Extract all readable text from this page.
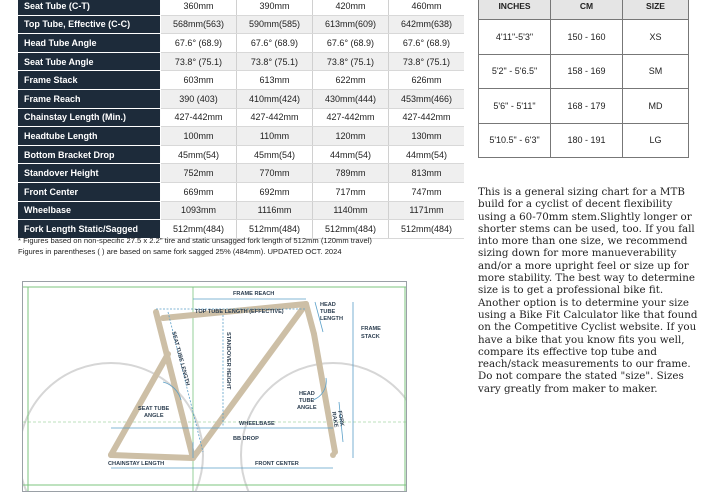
Seat Tube (C-T)	360mm	390mm	420mm	460mm
Top Tube, Effective (C-C)	568mm(563)	590mm(585)	613mm(609)	642mm(638)
Head Tube Angle	67.6° (68.9)	67.6° (68.9)	67.6° (68.9)	67.6° (68.9)
Seat Tube Angle	73.8° (75.1)	73.8° (75.1)	73.8° (75.1)	73.8° (75.1)
Frame Stack	603mm	613mm	622mm	626mm
Frame Reach	390 (403)	410mm(424)	430mm(444)	453mm(466)
Chainstay Length (Min.)	427-442mm	427-442mm	427-442mm	427-442mm
Headtube Length	100mm	110mm	120mm	130mm
Bottom Bracket Drop	45mm(54)	45mm(54)	44mm(54)	44mm(54)
Standover Height	752mm	770mm	789mm	813mm
Front Center	669mm	692mm	717mm	747mm
Wheelbase	1093mm	1116mm	1140mm	1171mm
Fork Length Static/Sagged	512mm(484)	512mm(484)	512mm(484)	512mm(484)
* Figures based on non-specific 27.5 x 2.2" tire and static unsagged fork length of 512mm (120mm travel)
Figures in parentheses ( ) are based on same fork sagged 25% (484mm). UPDATED OCT. 2024
INCHES	CM	SIZE
4'11"-5'3"	150 - 160	XS
5'2" - 5'6.5"	158 - 169	SM
5'6" - 5'11"	168 - 179	MD
5'10.5" - 6'3"	180 - 191	LG
This is a general sizing chart for a MTB build for a cyclist of decent flexibility using a 60-70mm stem.Slightly longer or shorter stems can be used, too. If you fall into more than one size, we recommend sizing down for more manueverability and/or a more upright feel or size up for more stability. The best way to determine size is to get a professional bike fit. Another option is to determine your size using a Bike Fit Calculator like that found on the Competitive Cyclist website. If you have a bike that you know fits you well, compare its effective top tube and reach/stack measurements to our frame. Do not compare the stated "size". Sizes vary greatly from maker to maker.
FRAME REACH
TOP TUBE LENGTH (EFFECTIVE)
HEAD
TUBE
LENGTH
FRAME
STACK
SEAT TUBE LENGTH	STANDOVER HEIGHT
SEAT TUBE
ANGLE
HEAD
TUBE
ANGLE
FORK
RAKE
WHEELBASE
BB DROP
CHAINSTAY LENGTH	FRONT CENTER
